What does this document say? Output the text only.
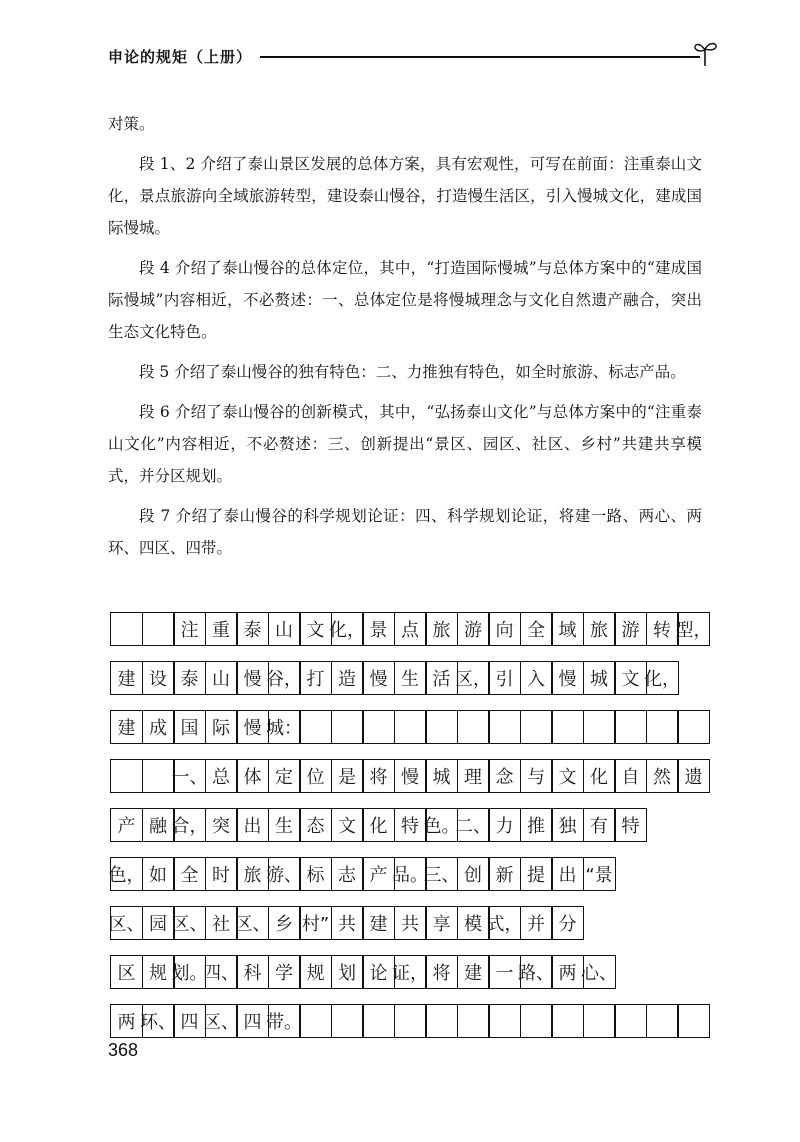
申论的规矩（上册）

对策。

段 1、2 介绍了泰山景区发展的总体方案，具有宏观性，可写在前面：注重泰山文化，景点旅游向全域旅游转型，建设泰山慢谷，打造慢生活区，引入慢城文化，建成国际慢城。

段 4 介绍了泰山慢谷的总体定位，其中，“打造国际慢城”与总体方案中的“建成国际慢城”内容相近，不必赘述：一、总体定位是将慢城理念与文化自然遗产融合，突出生态文化特色。

段 5 介绍了泰山慢谷的独有特色：二、力推独有特色，如全时旅游、标志产品。

段 6 介绍了泰山慢谷的创新模式，其中，“弘扬泰山文化”与总体方案中的“注重泰山文化”内容相近，不必赘述：三、创新提出“景区、园区、社区、乡村”共建共享模式，并分区规划。

段 7 介绍了泰山慢谷的科学规划论证：四、科学规划论证，将建一路、两心、两环、四区、四带。

注 重 泰 山 文 化， 景 点 旅 游 向 全 域 旅 游 转 型，
建 设 泰 山 慢 谷， 打 造 慢 生 活 区， 引 入 慢 城 文 化，
建 成 国 际 慢 城：
一、 总 体 定 位 是 将 慢 城 理 念 与 文 化 自 然 遗
产 融 合， 突 出 生 态 文 化 特 色。
二、 力 推 独 有 特
色， 如 全 时 旅 游、 标 志 产 品。
三、 创 新 提 出 “景
区、 园 区、 社 区、 乡 村” 共 建 共 享 模 式， 并 分
区 规 划。
四、 科 学 规 划 论 证， 将 建 一 路、 两 心、
两 环、 四 区、 四 带。
368
